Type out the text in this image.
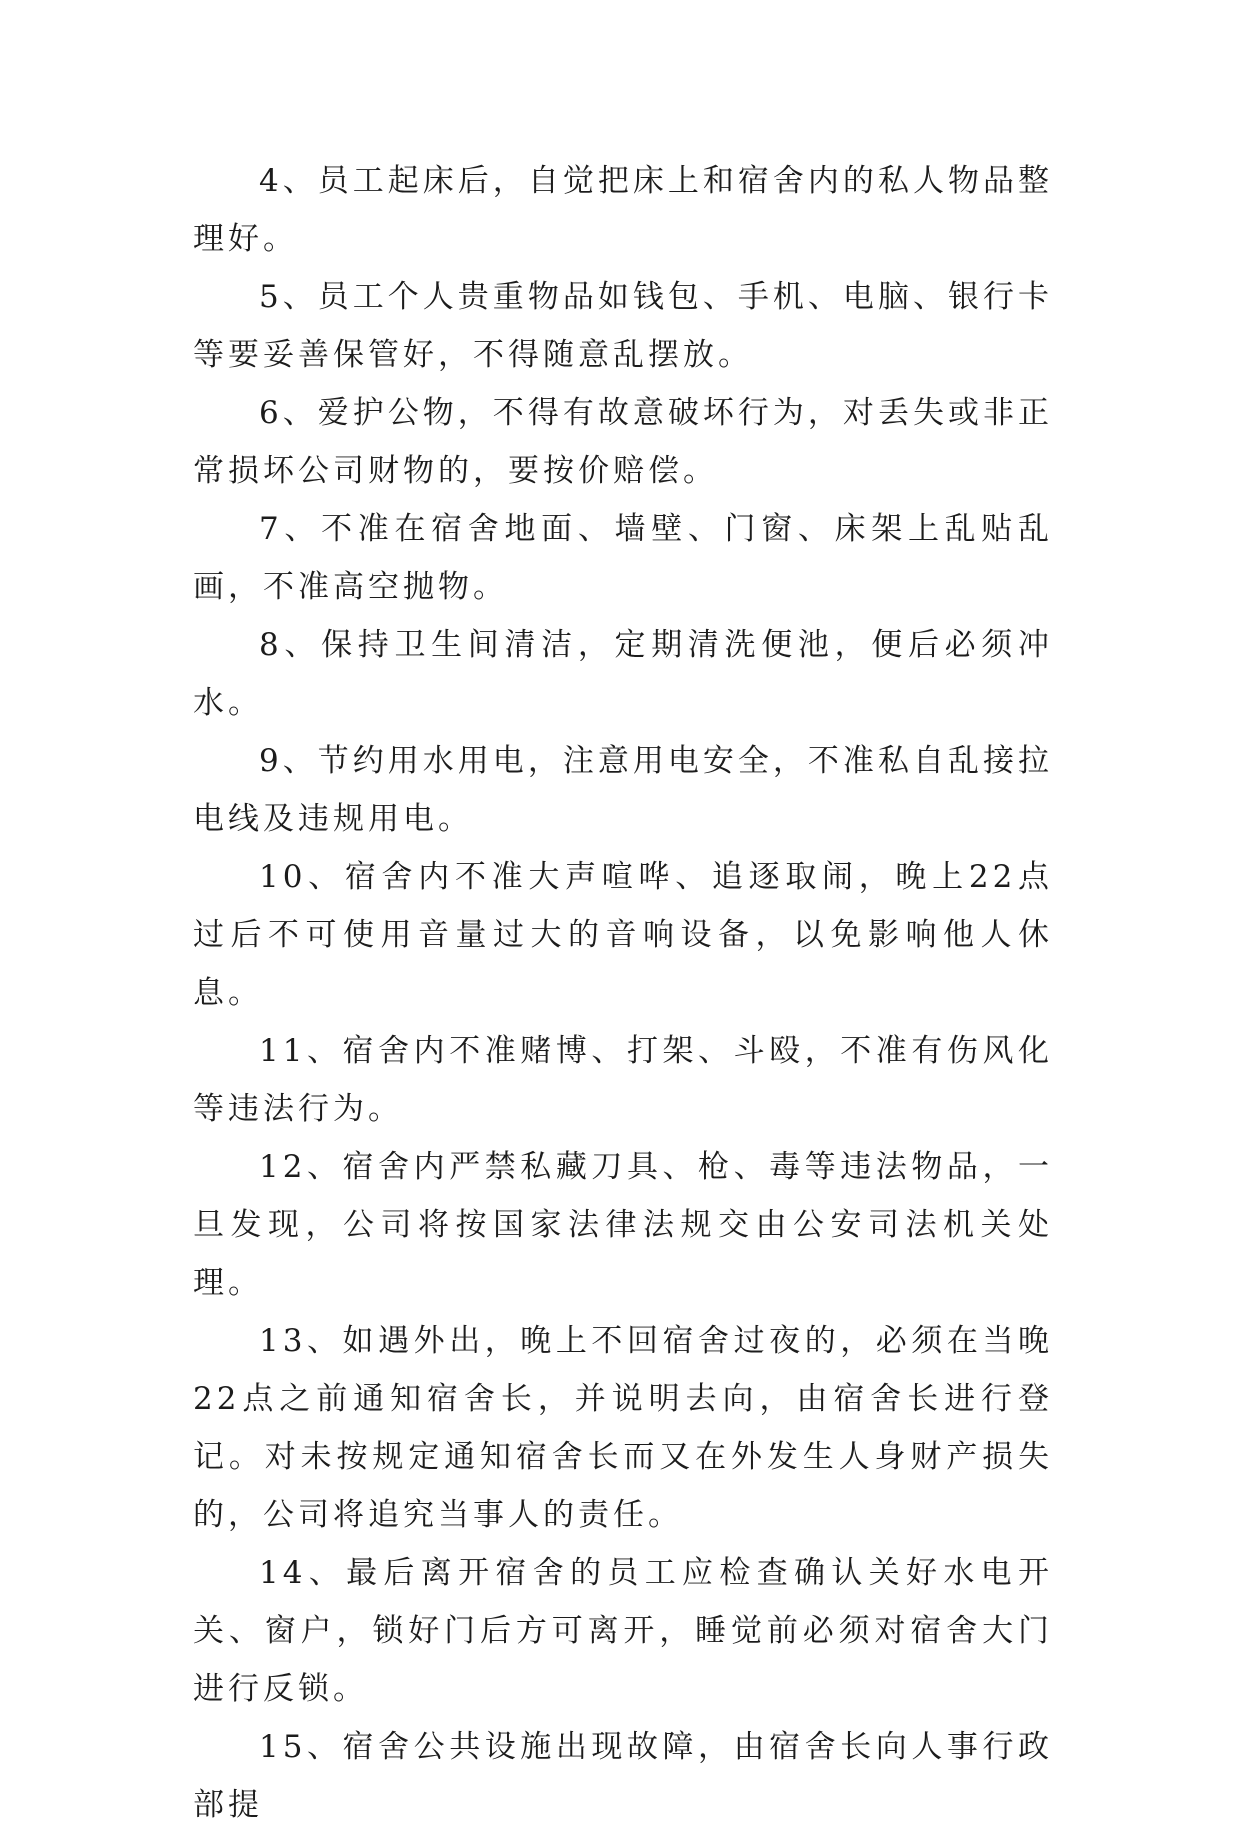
4、员工起床后，自觉把床上和宿舍内的私人物品整理好。

5、员工个人贵重物品如钱包、手机、电脑、银行卡等要妥善保管好，不得随意乱摆放。

6、爱护公物，不得有故意破坏行为，对丢失或非正常损坏公司财物的，要按价赔偿。

7、不准在宿舍地面、墙壁、门窗、床架上乱贴乱画，不准高空抛物。

8、保持卫生间清洁，定期清洗便池，便后必须冲水。

9、节约用水用电，注意用电安全，不准私自乱接拉电线及违规用电。

10、宿舍内不准大声喧哗、追逐取闹，晚上22点过后不可使用音量过大的音响设备，以免影响他人休息。

11、宿舍内不准赌博、打架、斗殴，不准有伤风化等违法行为。

12、宿舍内严禁私藏刀具、枪、毒等违法物品，一旦发现，公司将按国家法律法规交由公安司法机关处理。

13、如遇外出，晚上不回宿舍过夜的，必须在当晚22点之前通知宿舍长，并说明去向，由宿舍长进行登记。对未按规定通知宿舍长而又在外发生人身财产损失的，公司将追究当事人的责任。

14、最后离开宿舍的员工应检查确认关好水电开关、窗户，锁好门后方可离开，睡觉前必须对宿舍大门进行反锁。

15、宿舍公共设施出现故障，由宿舍长向人事行政部提
